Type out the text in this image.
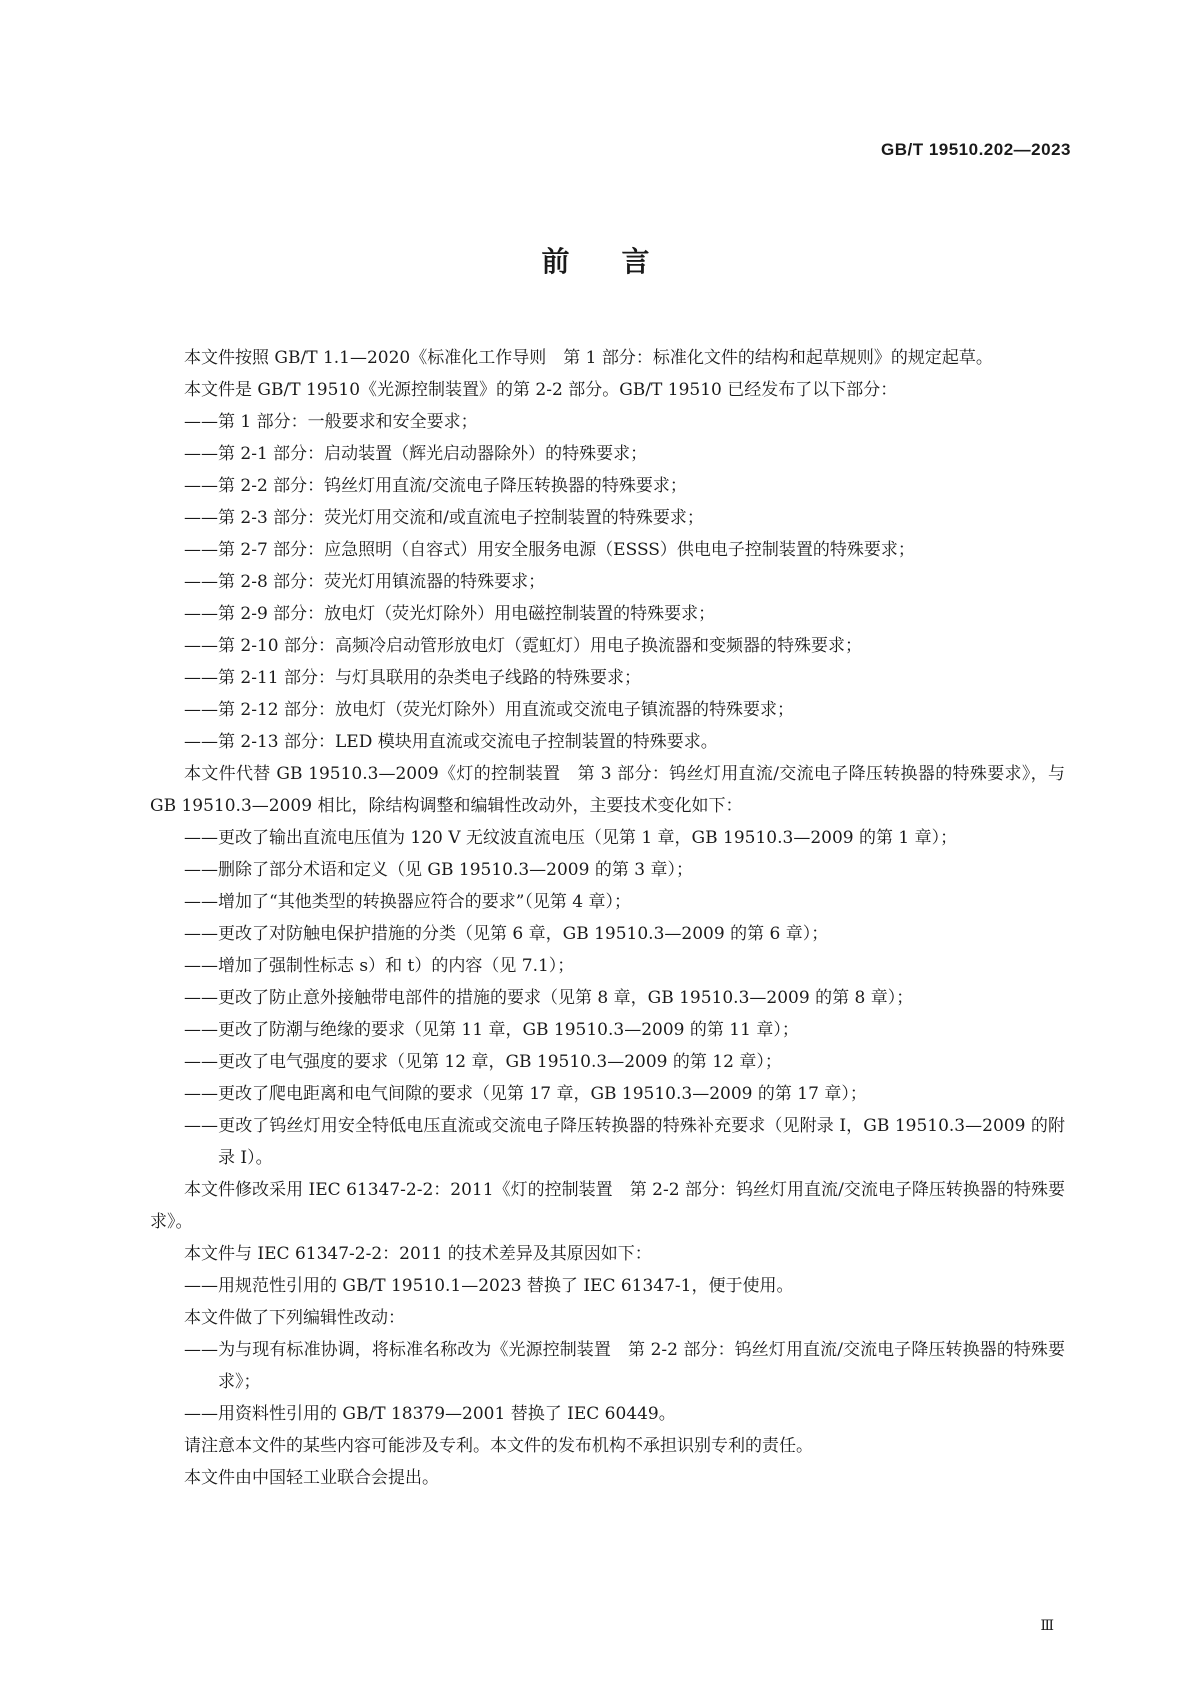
GB/T 19510.202—2023
前言

本文件按照 GB/T 1.1—2020《标准化工作导则　第 1 部分：标准化文件的结构和起草规则》的规定起草。

本文件是 GB/T 19510《光源控制装置》的第 2-2 部分。GB/T 19510 已经发布了以下部分：

——第 1 部分：一般要求和安全要求；

——第 2-1 部分：启动装置（辉光启动器除外）的特殊要求；

——第 2-2 部分：钨丝灯用直流/交流电子降压转换器的特殊要求；

——第 2-3 部分：荧光灯用交流和/或直流电子控制装置的特殊要求；

——第 2-7 部分：应急照明（自容式）用安全服务电源（ESSS）供电电子控制装置的特殊要求；

——第 2-8 部分：荧光灯用镇流器的特殊要求；

——第 2-9 部分：放电灯（荧光灯除外）用电磁控制装置的特殊要求；

——第 2-10 部分：高频冷启动管形放电灯（霓虹灯）用电子换流器和变频器的特殊要求；

——第 2-11 部分：与灯具联用的杂类电子线路的特殊要求；

——第 2-12 部分：放电灯（荧光灯除外）用直流或交流电子镇流器的特殊要求；

——第 2-13 部分：LED 模块用直流或交流电子控制装置的特殊要求。

本文件代替 GB 19510.3—2009《灯的控制装置　第 3 部分：钨丝灯用直流/交流电子降压转换器的特殊要求》，与 GB 19510.3—2009 相比，除结构调整和编辑性改动外，主要技术变化如下：

——更改了输出直流电压值为 120 V 无纹波直流电压（见第 1 章，GB 19510.3—2009 的第 1 章）；

——删除了部分术语和定义（见 GB 19510.3—2009 的第 3 章）；

——增加了“其他类型的转换器应符合的要求”（见第 4 章）；

——更改了对防触电保护措施的分类（见第 6 章，GB 19510.3—2009 的第 6 章）；

——增加了强制性标志 s）和 t）的内容（见 7.1）；

——更改了防止意外接触带电部件的措施的要求（见第 8 章，GB 19510.3—2009 的第 8 章）；

——更改了防潮与绝缘的要求（见第 11 章，GB 19510.3—2009 的第 11 章）；

——更改了电气强度的要求（见第 12 章，GB 19510.3—2009 的第 12 章）；

——更改了爬电距离和电气间隙的要求（见第 17 章，GB 19510.3—2009 的第 17 章）；

——更改了钨丝灯用安全特低电压直流或交流电子降压转换器的特殊补充要求（见附录 I，GB 19510.3—2009 的附录 I）。

本文件修改采用 IEC 61347-2-2：2011《灯的控制装置　第 2-2 部分：钨丝灯用直流/交流电子降压转换器的特殊要求》。

本文件与 IEC 61347-2-2：2011 的技术差异及其原因如下：

——用规范性引用的 GB/T 19510.1—2023 替换了 IEC 61347-1，便于使用。

本文件做了下列编辑性改动：

——为与现有标准协调，将标准名称改为《光源控制装置　第 2-2 部分：钨丝灯用直流/交流电子降压转换器的特殊要求》；

——用资料性引用的 GB/T 18379—2001 替换了 IEC 60449。

请注意本文件的某些内容可能涉及专利。本文件的发布机构不承担识别专利的责任。

本文件由中国轻工业联合会提出。

Ⅲ
